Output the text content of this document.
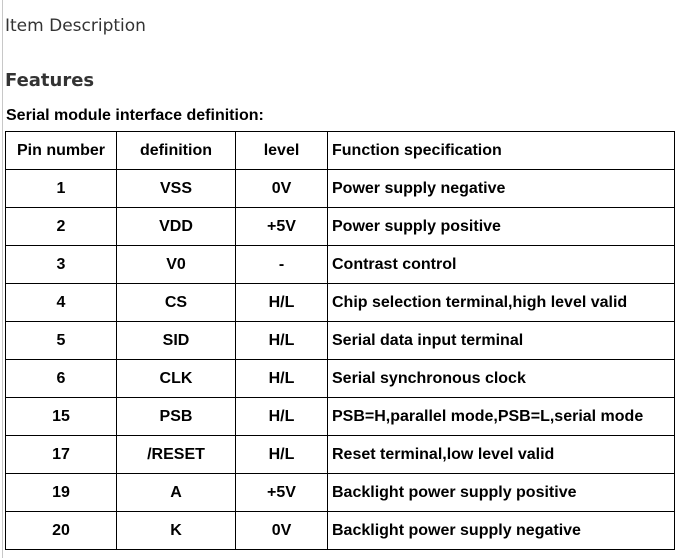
Item Description
Features
Serial module interface definition:
Pin number	definition	level	Function specification
1	VSS	0V	Power supply negative
2	VDD	+5V	Power supply positive
3	V0	-	Contrast control
4	CS	H/L	Chip selection terminal,high level valid
5	SID	H/L	Serial data input terminal
6	CLK	H/L	Serial synchronous clock
15	PSB	H/L	PSB=H,parallel mode,PSB=L,serial mode
17	/RESET	H/L	Reset terminal,low level valid
19	A	+5V	Backlight power supply positive
20	K	0V	Backlight power supply negative
